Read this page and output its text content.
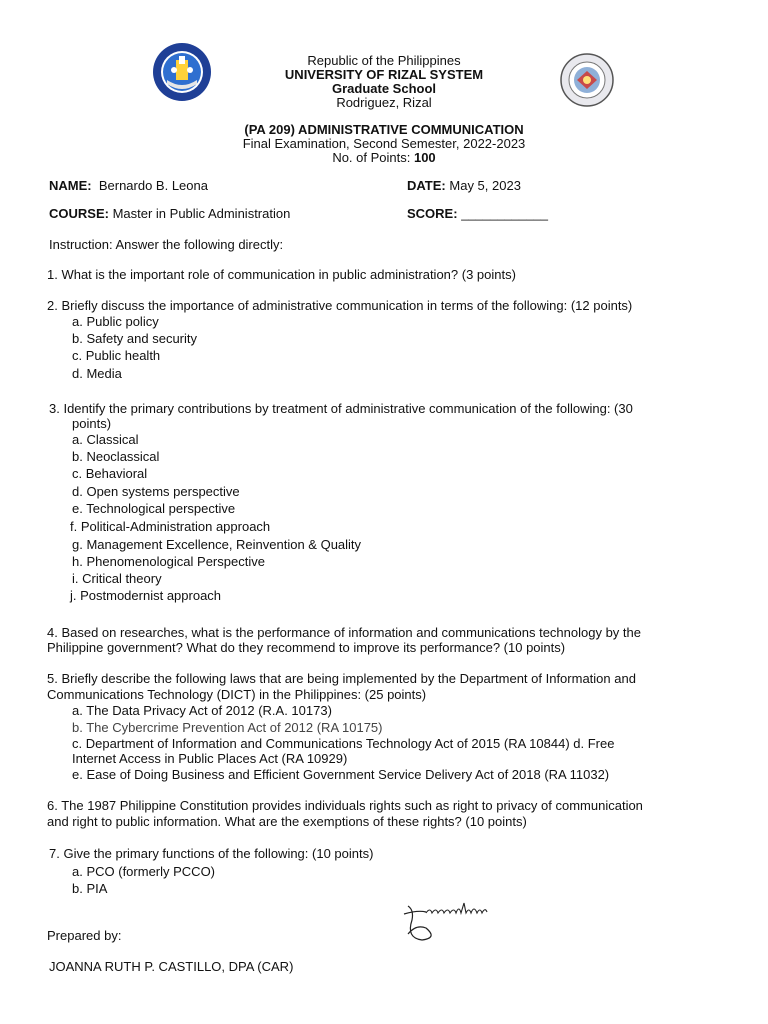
Republic of the Philippines
UNIVERSITY OF RIZAL SYSTEM
Graduate School
Rodriguez, Rizal
(PA 209) ADMINISTRATIVE COMMUNICATION
Final Examination, Second Semester, 2022-2023
No. of Points: 100
NAME: Bernardo B. Leona	DATE: May 5, 2023
COURSE: Master in Public Administration	SCORE: ____________
Instruction: Answer the following directly:
1. What is the important role of communication in public administration? (3 points)
2. Briefly discuss the importance of administrative communication in terms of the following: (12 points)
a. Public policy
b. Safety and security
c. Public health
d. Media
3. Identify the primary contributions by treatment of administrative communication of the following: (30
points)
a. Classical
b. Neoclassical
c. Behavioral
d. Open systems perspective
e. Technological perspective
f. Political-Administration approach
g. Management Excellence, Reinvention & Quality
h. Phenomenological Perspective
i. Critical theory
j. Postmodernist approach
4. Based on researches, what is the performance of information and communications technology by the
Philippine government? What do they recommend to improve its performance? (10 points)
5. Briefly describe the following laws that are being implemented by the Department of Information and
Communications Technology (DICT) in the Philippines: (25 points)
a. The Data Privacy Act of 2012 (R.A. 10173)
b. The Cybercrime Prevention Act of 2012 (RA 10175)
c. Department of Information and Communications Technology Act of 2015 (RA 10844) d. Free
Internet Access in Public Places Act (RA 10929)
e. Ease of Doing Business and Efficient Government Service Delivery Act of 2018 (RA 11032)
6. The 1987 Philippine Constitution provides individuals rights such as right to privacy of communication
and right to public information. What are the exemptions of these rights? (10 points)
7. Give the primary functions of the following: (10 points)
a. PCO (formerly PCCO)
b. PIA
Prepared by:
JOANNA RUTH P. CASTILLO, DPA (CAR)
